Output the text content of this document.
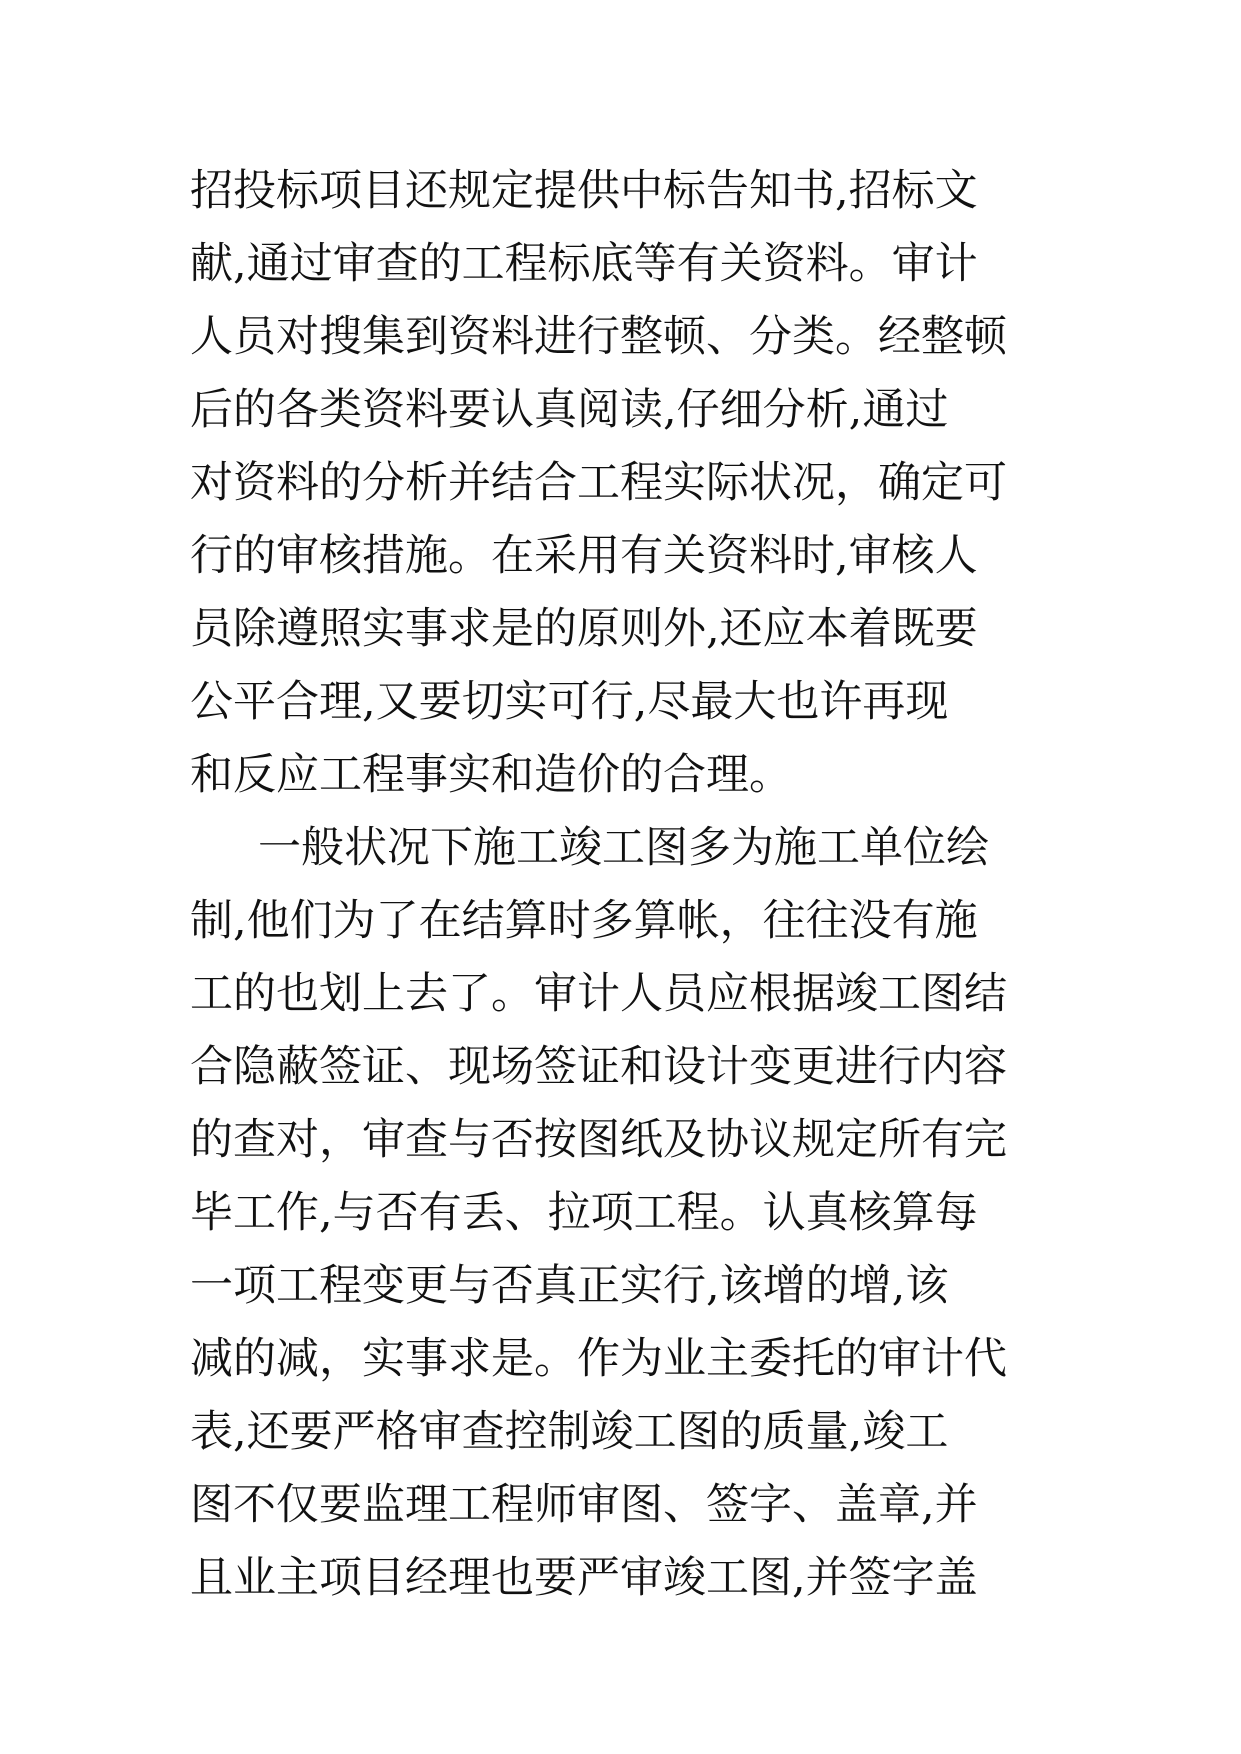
招投标项目还规定提供中标告知书,招标文
献,通过审查的工程标底等有关资料。审计
人员对搜集到资料进行整顿、分类。经整顿
后的各类资料要认真阅读,仔细分析,通过
对资料的分析并结合工程实际状况，确定可
行的审核措施。在采用有关资料时,审核人
员除遵照实事求是的原则外,还应本着既要
公平合理,又要切实可行,尽最大也许再现
和反应工程事实和造价的合理。
一般状况下施工竣工图多为施工单位绘
制,他们为了在结算时多算帐，往往没有施
工的也划上去了。审计人员应根据竣工图结
合隐蔽签证、现场签证和设计变更进行内容
的查对，审查与否按图纸及协议规定所有完
毕工作,与否有丢、拉项工程。认真核算每
一项工程变更与否真正实行,该增的增,该
减的减，实事求是。作为业主委托的审计代
表,还要严格审查控制竣工图的质量,竣工
图不仅要监理工程师审图、签字、盖章,并
且业主项目经理也要严审竣工图,并签字盖
